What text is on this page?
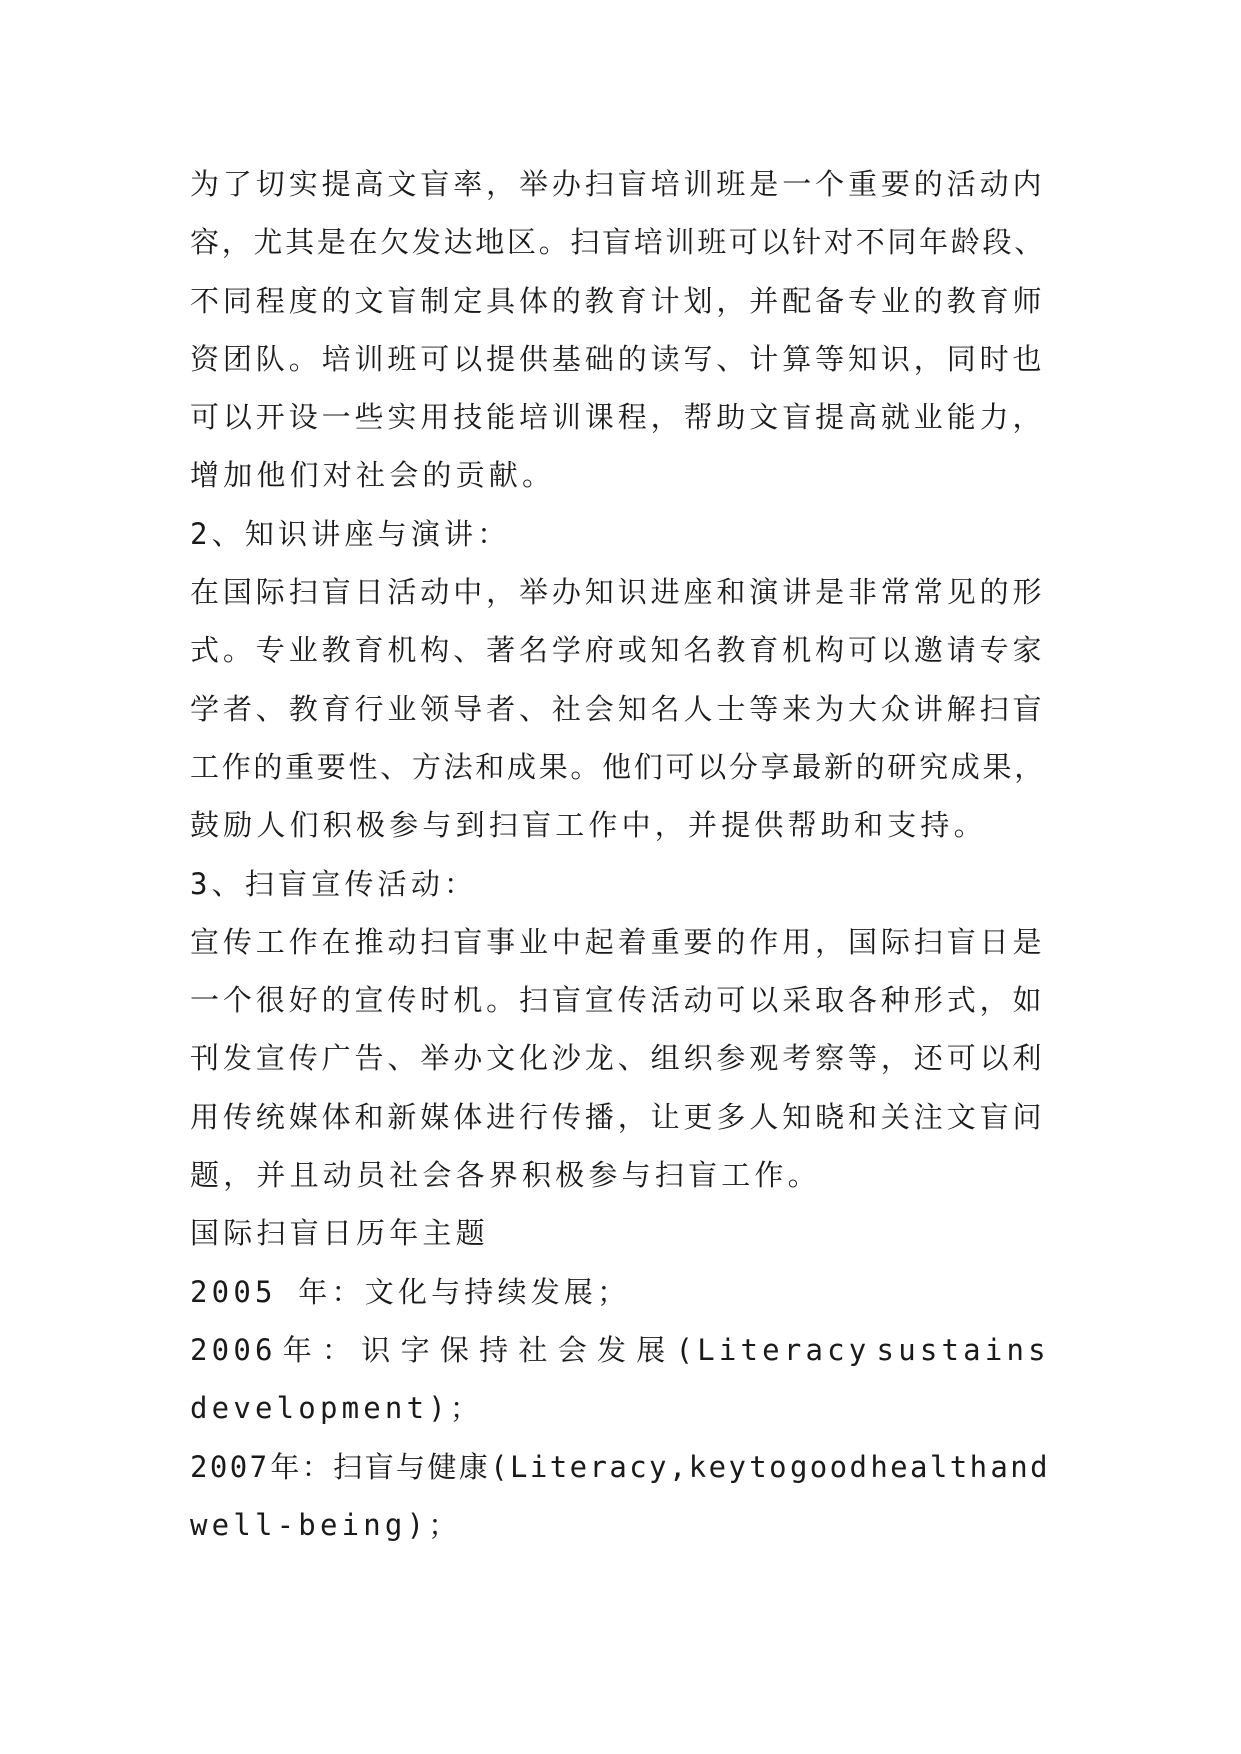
为了切实提高文盲率，举办扫盲培训班是一个重要的活动内
容，尤其是在欠发达地区。扫盲培训班可以针对不同年龄段、
不同程度的文盲制定具体的教育计划，并配备专业的教育师
资团队。培训班可以提供基础的读写、计算等知识，同时也
可以开设一些实用技能培训课程，帮助文盲提高就业能力，
增加他们对社会的贡献。

2、知识讲座与演讲：

在国际扫盲日活动中，举办知识进座和演讲是非常常见的形
式。专业教育机构、著名学府或知名教育机构可以邀请专家
学者、教育行业领导者、社会知名人士等来为大众讲解扫盲
工作的重要性、方法和成果。他们可以分享最新的研究成果，
鼓励人们积极参与到扫盲工作中，并提供帮助和支持。

3、扫盲宣传活动：

宣传工作在推动扫盲事业中起着重要的作用，国际扫盲日是
一个很好的宣传时机。扫盲宣传活动可以采取各种形式，如
刊发宣传广告、举办文化沙龙、组织参观考察等，还可以利
用传统媒体和新媒体进行传播，让更多人知晓和关注文盲问
题，并且动员社会各界积极参与扫盲工作。

国际扫盲日历年主题

2005 年：文化与持续发展；

2006 年 ： 识 字 保 持 社 会 发 展 (Literacy sustains
development)；
2007 年：扫盲与健康(Literacy,key to good health and
well-being)；
